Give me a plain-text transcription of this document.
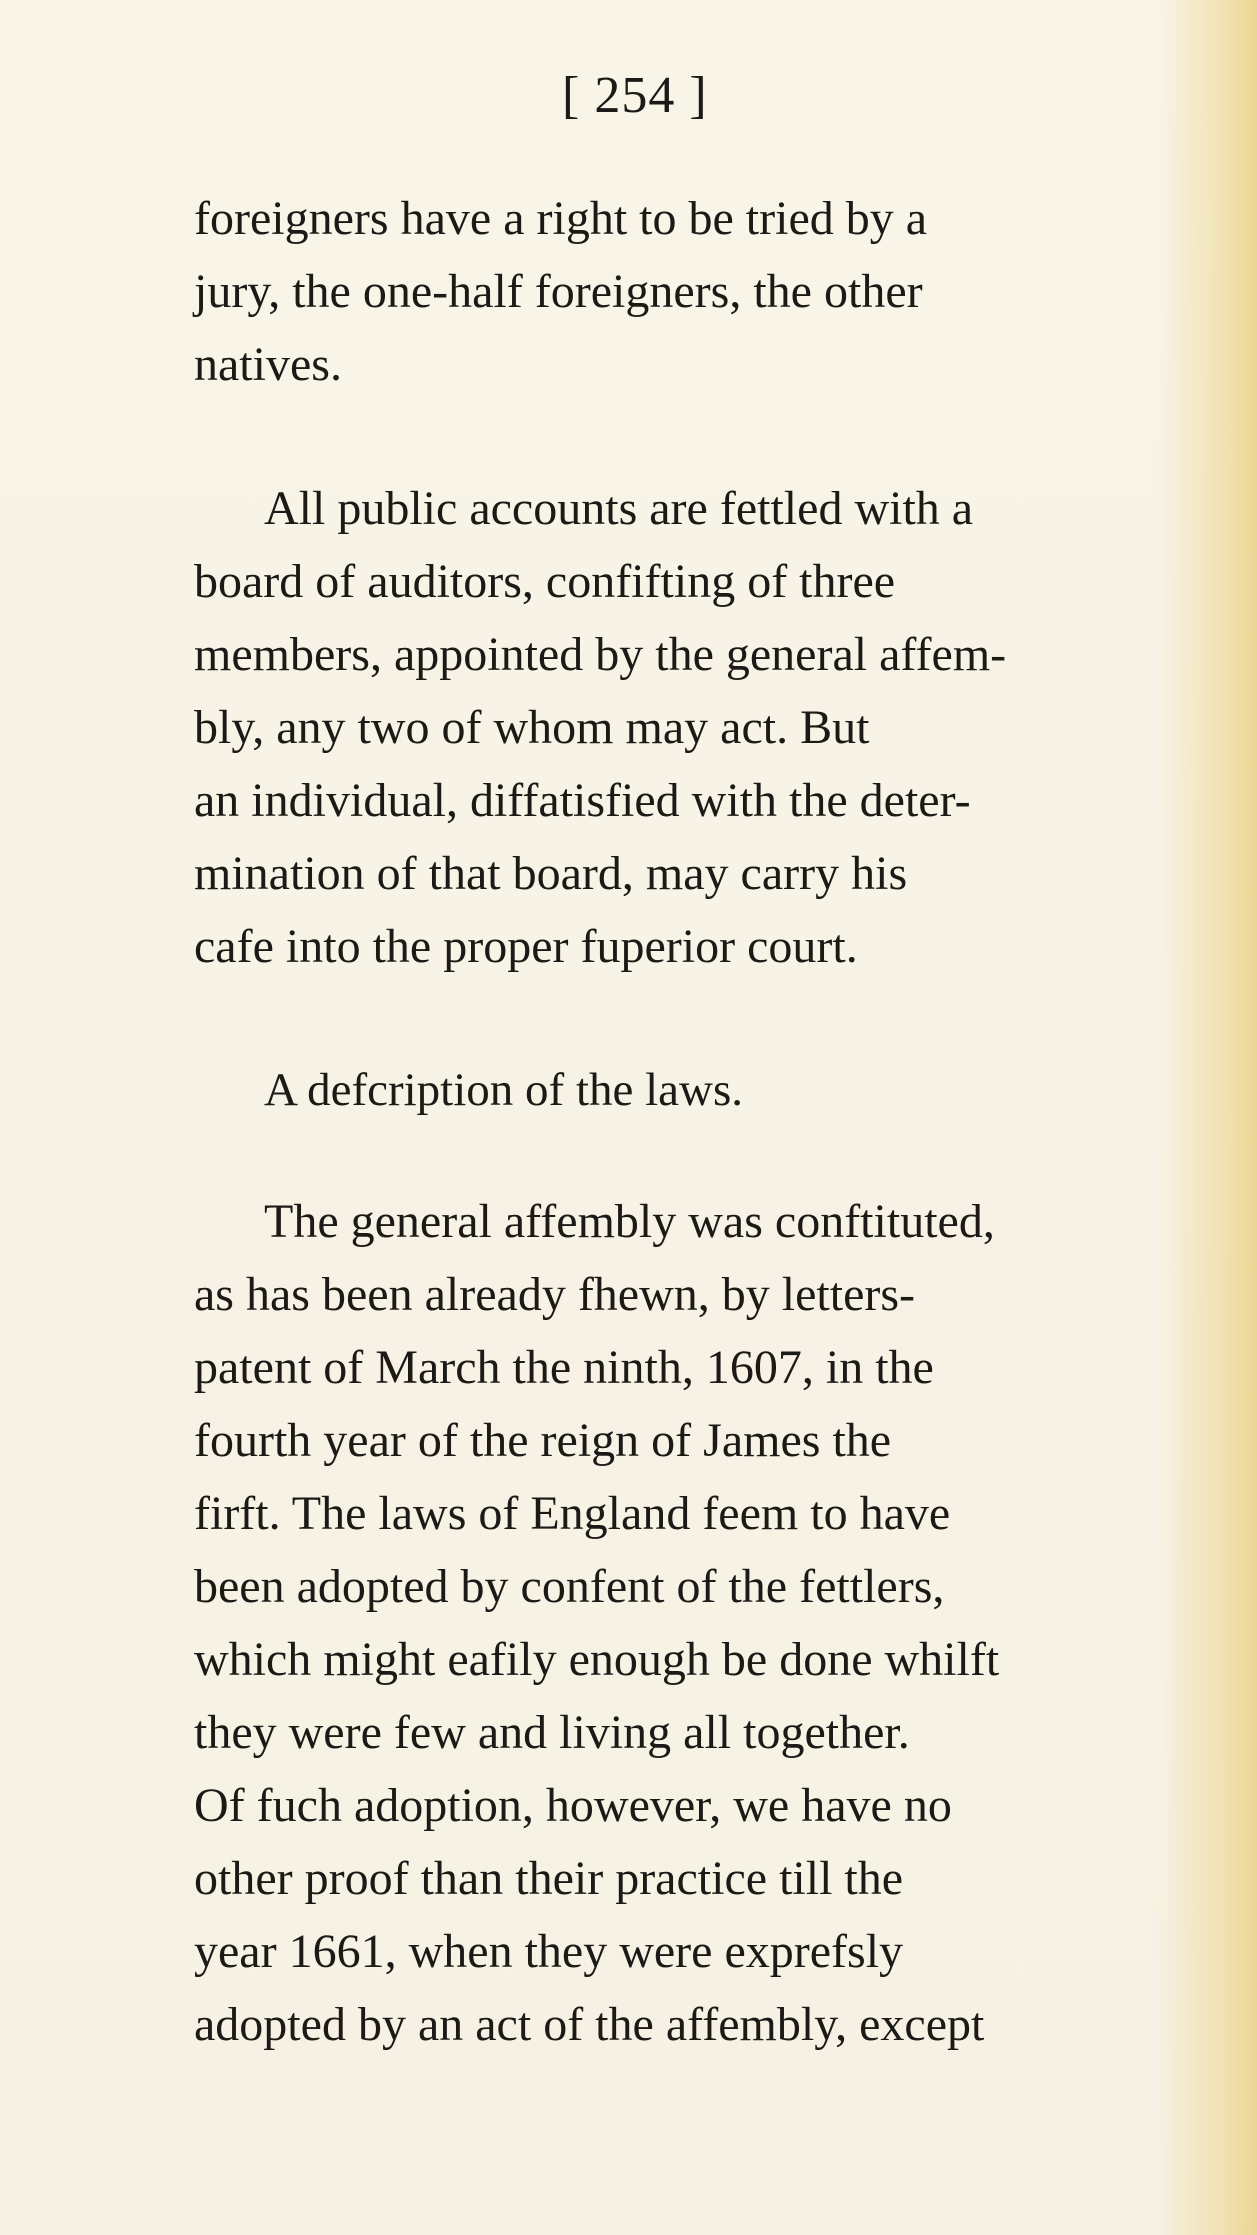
[ 254 ]
foreigners have a right to be tried by a
jury, the one-half foreigners, the other
natives.
All public accounts are fettled with a
board of auditors, confifting of three
members, appointed by the general affem-
bly, any two of whom may act. But
an individual, diffatisfied with the deter-
mination of that board, may carry his
cafe into the proper fuperior court.
A defcription of the laws.
The general affembly was conftituted,
as has been already fhewn, by letters-
patent of March the ninth, 1607, in the
fourth year of the reign of James the
firft. The laws of England feem to have
been adopted by confent of the fettlers,
which might eafily enough be done whilft
they were few and living all together.
Of fuch adoption, however, we have no
other proof than their practice till the
year 1661, when they were exprefsly
adopted by an act of the affembly, except
